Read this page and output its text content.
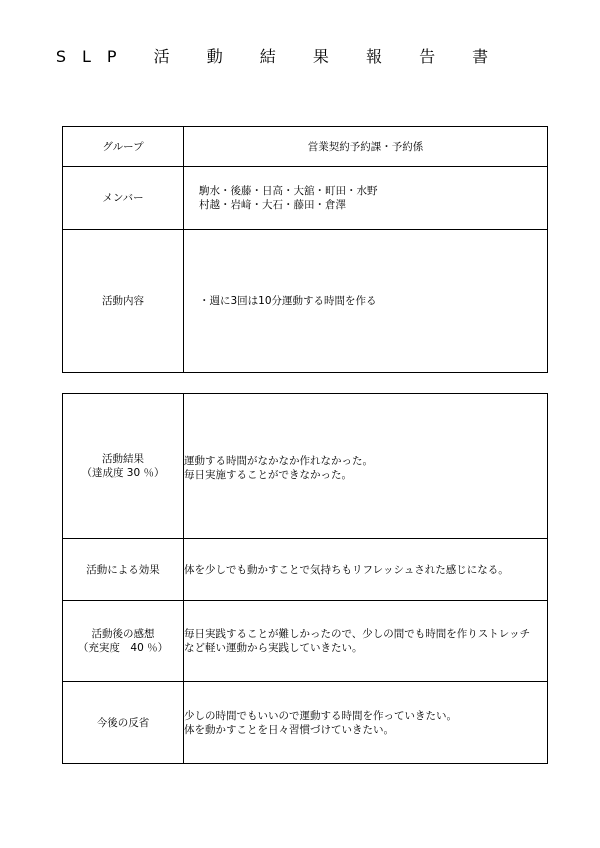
SLP 活 動 結 果 報 告 書
グループ	営業契約予約課・予約係
メンバー	駒水・後藤・日高・大舘・町田・水野
村越・岩﨑・大石・藤田・倉澤

活動内容	・週に3回は10分運動する時間を作る
活動結果
（達成度 30 ％）	運動する時間がなかなか作れなかった。
毎日実施することができなかった。

活動による効果	体を少しでも動かすことで気持ちもリフレッシュされた感じになる。

活動後の感想
（充実度　40 ％）	毎日実践することが難しかったので、少しの間でも時間を作りストレッチ
など軽い運動から実践していきたい。

今後の反省	少しの時間でもいいので運動する時間を作っていきたい。
体を動かすことを日々習慣づけていきたい。
